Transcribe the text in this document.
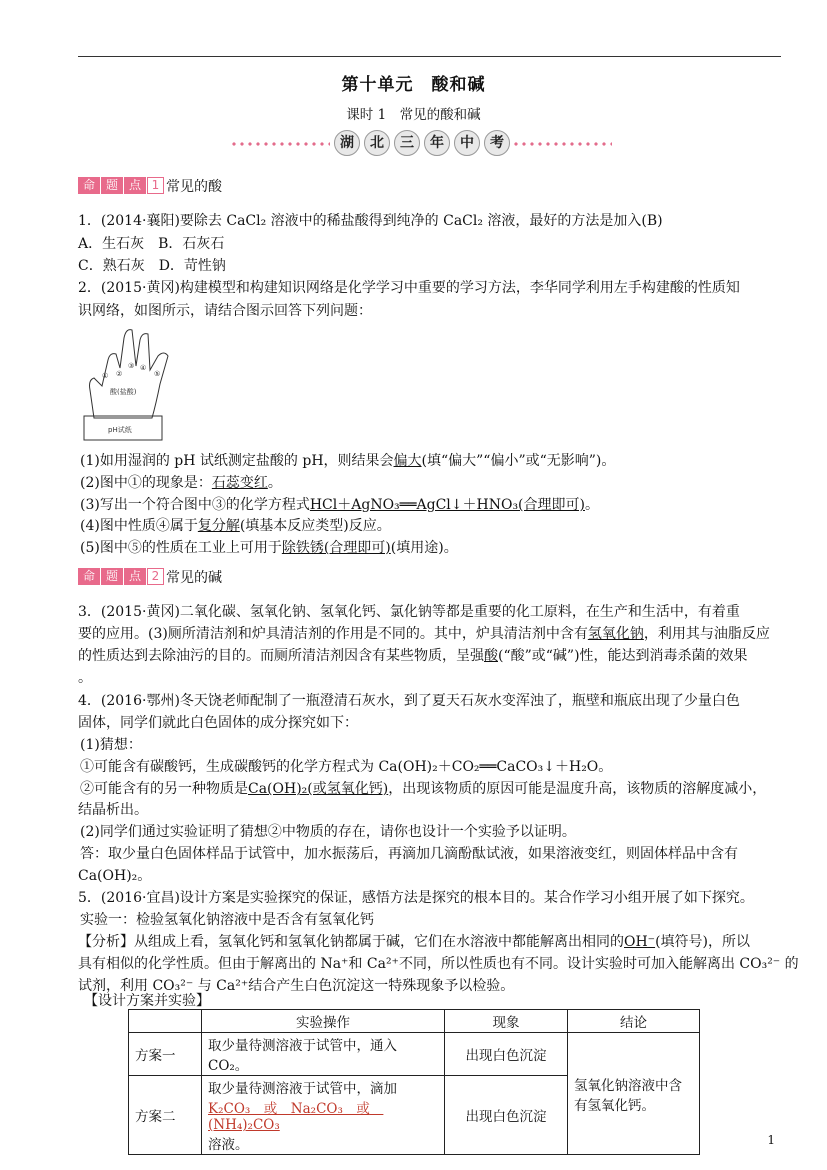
第十单元　酸和碱
课时 1　常见的酸和碱
湖	北	三	年	中	考
命 题 点 1 常见的酸
1．(2014·襄阳)要除去 CaCl₂ 溶液中的稀盐酸得到纯净的 CaCl₂ 溶液，最好的方法是加入(B)
A．生石灰　B．石灰石
C．熟石灰　D．苛性钠
2．(2015·黄冈)构建模型和构建知识网络是化学学习中重要的学习方法，李华同学利用左手构建酸的性质知
识网络，如图所示，请结合图示回答下列问题：
酸(盐酸)
pH试纸
① ②
③ ④
⑤
(1)如用湿润的 pH 试纸测定盐酸的 pH，则结果会偏大(填“偏大”“偏小”或“无影响”)。
(2)图中①的现象是：石蕊变红。
(3)写出一个符合图中③的化学方程式HCl＋AgNO₃══AgCl↓＋HNO₃(合理即可)。
(4)图中性质④属于复分解(填基本反应类型)反应。
(5)图中⑤的性质在工业上可用于除铁锈(合理即可)(填用途)。
命 题 点 2 常见的碱
3．(2015·黄冈)二氧化碳、氢氧化钠、氢氧化钙、氯化钠等都是重要的化工原料，在生产和生活中，有着重
要的应用。(3)厕所清洁剂和炉具清洁剂的作用是不同的。其中，炉具清洁剂中含有氢氧化钠，利用其与油脂反应
的性质达到去除油污的目的。而厕所清洁剂因含有某些物质，呈强酸(“酸”或“碱”)性，能达到消毒杀菌的效果
。
4．(2016·鄂州)冬天饶老师配制了一瓶澄清石灰水，到了夏天石灰水变浑浊了，瓶壁和瓶底出现了少量白色
固体，同学们就此白色固体的成分探究如下：
(1)猜想：
①可能含有碳酸钙，生成碳酸钙的化学方程式为 Ca(OH)₂＋CO₂══CaCO₃↓＋H₂O。
②可能含有的另一种物质是Ca(OH)₂(或氢氧化钙)，出现该物质的原因可能是温度升高，该物质的溶解度减小，
结晶析出。
(2)同学们通过实验证明了猜想②中物质的存在，请你也设计一个实验予以证明。
答：取少量白色固体样品于试管中，加水振荡后，再滴加几滴酚酞试液，如果溶液变红，则固体样品中含有
Ca(OH)₂。
5．(2016·宜昌)设计方案是实验探究的保证，感悟方法是探究的根本目的。某合作学习小组开展了如下探究。
实验一：检验氢氧化钠溶液中是否含有氢氧化钙
【分析】从组成上看，氢氧化钙和氢氧化钠都属于碱，它们在水溶液中都能解离出相同的OH⁻(填符号)，所以
具有相似的化学性质。但由于解离出的 Na⁺和 Ca²⁺不同，所以性质也有不同。设计实验时可加入能解离出 CO₃²⁻ 的
试剂，利用 CO₃²⁻ 与 Ca²⁺结合产生白色沉淀这一特殊现象予以检验。
【设计方案并实验】
	实验操作	现象	结论
方案一	取少量待测溶液于试管中，通入 CO₂。	出现白色沉淀	氢氧化钠溶液中含有氢氧化钙。
方案二	取少量待测溶液于试管中，滴加
K₂CO₃　或　Na₂CO₃　或　(NH₄)₂CO₃
溶液。	出现白色沉淀	
1
